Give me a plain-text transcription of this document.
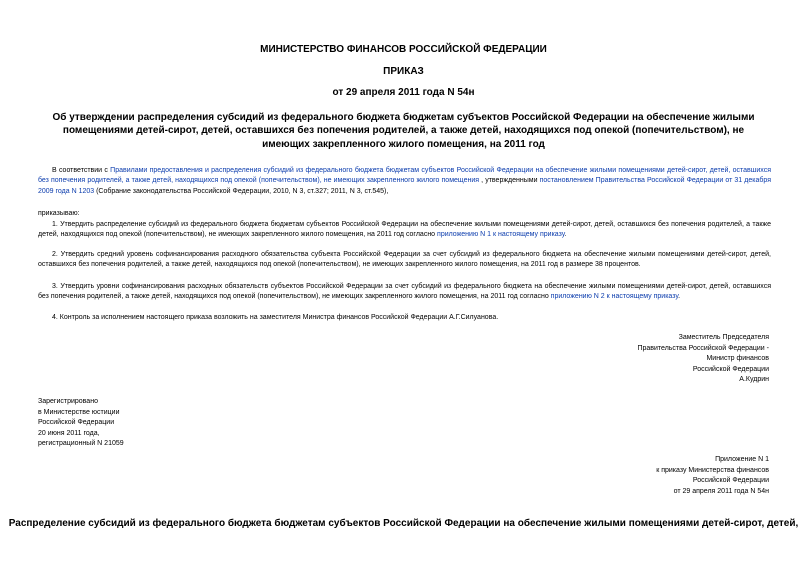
МИНИСТЕРСТВО ФИНАНСОВ РОССИЙСКОЙ ФЕДЕРАЦИИ
ПРИКАЗ
от 29 апреля 2011 года N 54н
Об утверждении распределения субсидий из федерального бюджета бюджетам субъектов Российской Федерации на обеспечение жилыми помещениями детей-сирот, детей, оставшихся без попечения родителей, а также детей, находящихся под опекой (попечительством), не имеющих закрепленного жилого помещения, на 2011 год
В соответствии с Правилами предоставления и распределения субсидий из федерального бюджета бюджетам субъектов Российской Федерации на обеспечение жилыми помещениями детей-сирот, детей, оставшихся без попечения родителей, а также детей, находящихся под опекой (попечительством), не имеющих закрепленного жилого помещения , утвержденными постановлением Правительства Российской Федерации от 31 декабря 2009 года N 1203 (Собрание законодательства Российской Федерации, 2010, N 3, ст.327; 2011, N 3, ст.545),
приказываю:
1. Утвердить распределение субсидий из федерального бюджета бюджетам субъектов Российской Федерации на обеспечение жилыми помещениями детей-сирот, детей, оставшихся без попечения родителей, а также детей, находящихся под опекой (попечительством), не имеющих закрепленного жилого помещения, на 2011 год согласно приложению N 1 к настоящему приказу.
2. Утвердить средний уровень софинансирования расходного обязательства субъекта Российской Федерации за счет субсидий из федерального бюджета на обеспечение жилыми помещениями детей-сирот, детей, оставшихся без попечения родителей, а также детей, находящихся под опекой (попечительством), не имеющих закрепленного жилого помещения, на 2011 год в размере 38 процентов.
3. Утвердить уровни софинансирования расходных обязательств субъектов Российской Федерации за счет субсидий из федерального бюджета на обеспечение жилыми помещениями детей-сирот, детей, оставшихся без попечения родителей, а также детей, находящихся под опекой (попечительством), не имеющих закрепленного жилого помещения, на 2011 год согласно приложению N 2 к настоящему приказу.
4. Контроль за исполнением настоящего приказа возложить на заместителя Министра финансов Российской Федерации А.Г.Силуанова.
Заместитель Председателя
Правительства Российской Федерации -
Министр финансов
Российской Федерации
А.Кудрин
Зарегистрировано
в Министерстве юстиции
Российской Федерации
20 июня 2011 года,
регистрационный N 21059
Приложение N 1
к приказу Министерства финансов
Российской Федерации
от 29 апреля 2011 года N 54н
Распределение субсидий из федерального бюджета бюджетам субъектов Российской Федерации на обеспечение жилыми помещениями детей-сирот, детей,
